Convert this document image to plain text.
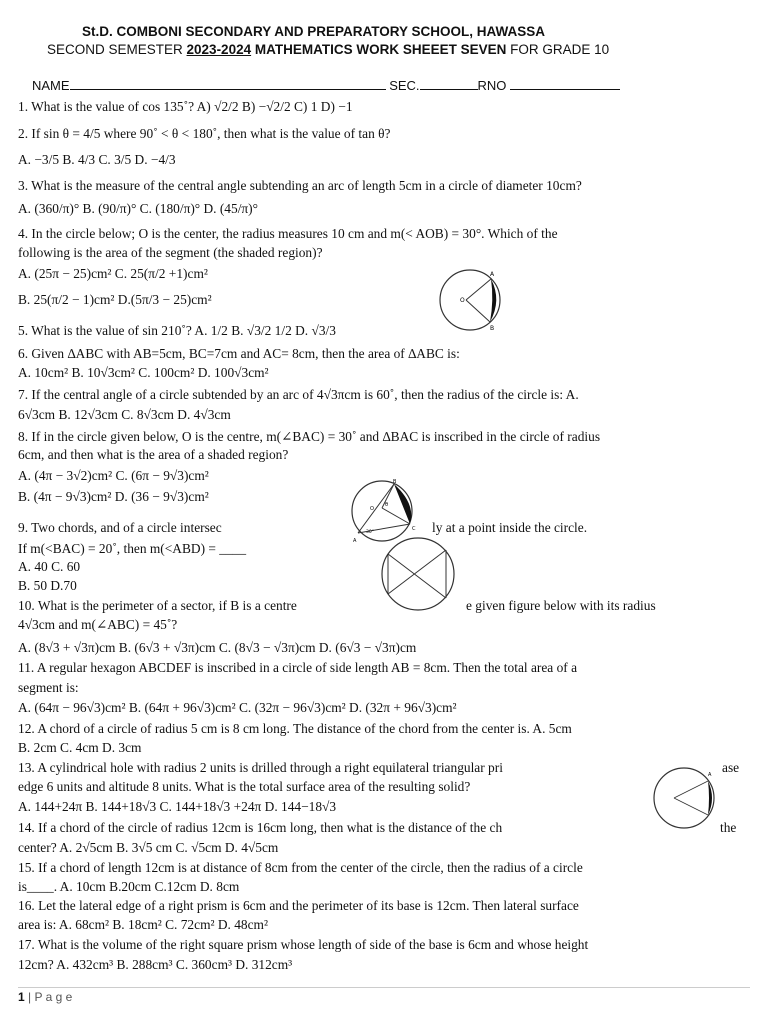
St.D. COMBONI SECONDARY AND PREPARATORY SCHOOL, HAWASSA
SECOND SEMESTER 2023-2024 MATHEMATICS WORK SHEEET SEVEN FOR GRADE 10
NAME	SEC.	RNO
1. What is the value of cos 135˚? A) √2/2 B) −√2/2 C) 1 D) −1
2. If sin θ = 4/5 where 90˚ < θ < 180˚, then what is the value of tan θ?
A. −3/5 B. 4/3 C. 3/5 D. −4/3
3. What is the measure of the central angle subtending an arc of length 5cm in a circle of diameter 10cm?
A. (360/π)° B. (90/π)° C. (180/π)° D. (45/π)°
4. In the circle below; O is the center, the radius measures 10 cm and m(< AOB) = 30°. Which of the
following is the area of the segment (the shaded region)?
A. (25π − 25)cm² C. 25(π/2 +1)cm²
B. 25(π/2 − 1)cm² D.(5π/3 − 25)cm²
5. What is the value of sin 210˚? A. 1/2 B. √3/2 1/2 D. √3/3
6. Given ∆ABC with AB=5cm, BC=7cm and AC= 8cm, then the area of ∆ABC is:
A. 10cm² B. 10√3cm² C. 100cm² D. 100√3cm²
7. If the central angle of a circle subtended by an arc of 4√3πcm is 60˚, then the radius of the circle is: A.
6√3cm B. 12√3cm C. 8√3cm D. 4√3cm
8. If in the circle given below, O is the centre, m(∠BAC) = 30˚ and ∆BAC is inscribed in the circle of radius
6cm, and then what is the area of a shaded region?
A. (4π − 3√2)cm² C. (6π − 9√3)cm²
B. (4π − 9√3)cm² D. (36 − 9√3)cm²
9. Two chords, and of a circle intersec	ly at a point inside the circle.
If m(<BAC) = 20˚, then m(<ABD) = ____
A. 40 C. 60
B. 50 D.70
10. What is the perimeter of a sector, if B is a centre	e given figure below with its radius
4√3cm and m(∠ABC) = 45˚?
A. (8√3 + √3π)cm B. (6√3 + √3π)cm C. (8√3 − √3π)cm D. (6√3 − √3π)cm
11. A regular hexagon ABCDEF is inscribed in a circle of side length AB = 8cm. Then the total area of a
segment is:
A. (64π − 96√3)cm² B. (64π + 96√3)cm² C. (32π − 96√3)cm² D. (32π + 96√3)cm²
12. A chord of a circle of radius 5 cm is 8 cm long. The distance of the chord from the center is. A. 5cm
B. 2cm C. 4cm D. 3cm
13. A cylindrical hole with radius 2 units is drilled through a right equilateral triangular pri	ase
edge 6 units and altitude 8 units. What is the total surface area of the resulting solid?
A. 144+24π B. 144+18√3 C. 144+18√3 +24π D. 144−18√3
14. If a chord of the circle of radius 12cm is 16cm long, then what is the distance of the ch	the
center? A. 2√5cm B. 3√5 cm C. √5cm D. 4√5cm
15. If a chord of length 12cm is at distance of 8cm from the center of the circle, then the radius of a circle
is____. A. 10cm B.20cm C.12cm D. 8cm
16. Let the lateral edge of a right prism is 6cm and the perimeter of its base is 12cm. Then lateral surface
area is: A. 68cm² B. 18cm² C. 72cm² D. 48cm²
17. What is the volume of the right square prism whose length of side of the base is 6cm and whose height
12cm? A. 432cm³ B. 288cm³ C. 360cm³ D. 312cm³
A
O
B
B
O
θ
30°
A
C
A
1 | P a g e
